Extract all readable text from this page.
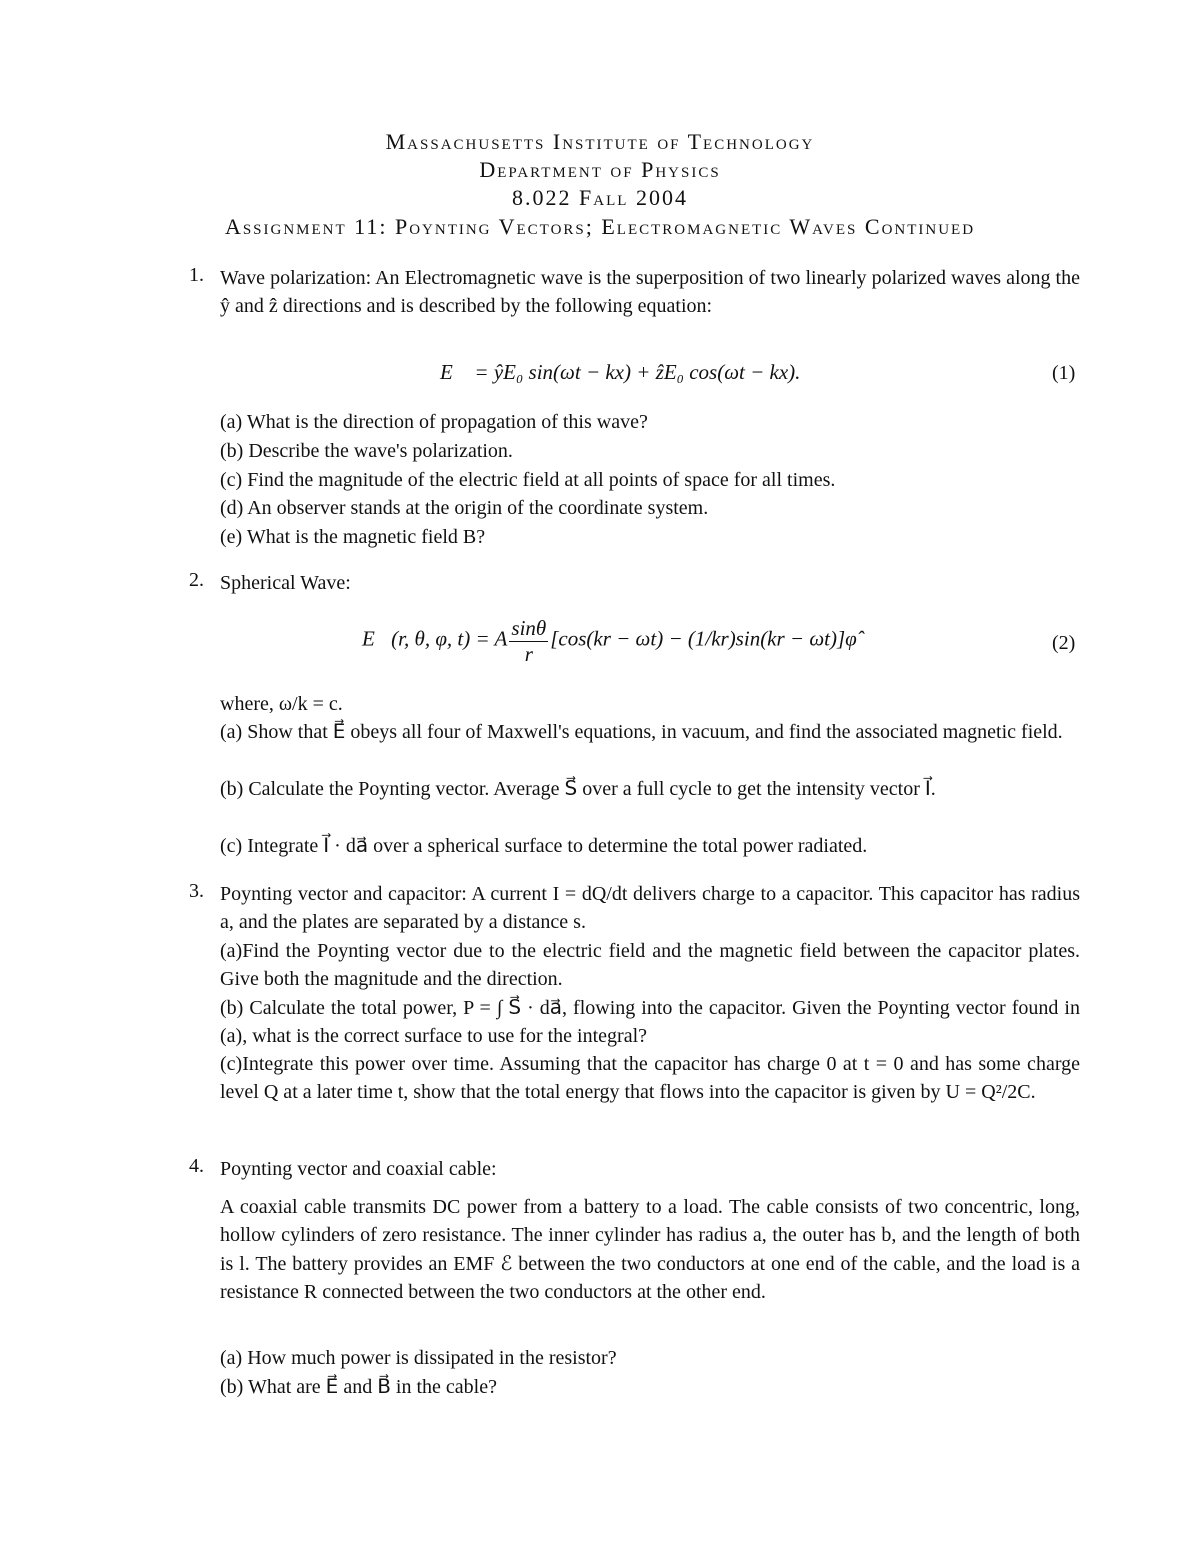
Massachusetts Institute of Technology
Department of Physics
8.022 Fall 2004
Assignment 11: Poynting Vectors; Electromagnetic Waves Continued
1. Wave polarization: An Electromagnetic wave is the superposition of two linearly polarized waves along the ŷ and ẑ directions and is described by the following equation:
E⃗ = ŷE₀ sin(ωt − kx) + ẑE₀ cos(ωt − kx).	(1)
(a) What is the direction of propagation of this wave?
(b) Describe the wave's polarization.
(c) Find the magnitude of the electric field at all points of space for all times.
(d) An observer stands at the origin of the coordinate system.
(e) What is the magnetic field B?
2. Spherical Wave:
E⃗(r, θ, φ, t) = A $\frac{\sin\theta}{r} [\cos(kr - \omega t) - (1/kr)\sin(kr$ − ωt)]φ̂	(2)
where, ω/k = c.
(a) Show that E⃗ obeys all four of Maxwell's equations, in vacuum, and find the associated magnetic field.
(b) Calculate the Poynting vector. Average S⃗ over a full cycle to get the intensity vector I⃗.
(c) Integrate I⃗ · da⃗ over a spherical surface to determine the total power radiated.
3. Poynting vector and capacitor: A current I = dQ/dt delivers charge to a capacitor. This capacitor has radius a, and the plates are separated by a distance s.
(a)Find the Poynting vector due to the electric field and the magnetic field between the capacitor plates. Give both the magnitude and the direction.
(b) Calculate the total power, P = ∫ S⃗ · da⃗, flowing into the capacitor. Given the Poynting vector found in (a), what is the correct surface to use for the integral?
(c)Integrate this power over time. Assuming that the capacitor has charge 0 at t = 0 and has some charge level Q at a later time t, show that the total energy that flows into the capacitor is given by U = Q²/2C.
4. Poynting vector and coaxial cable:
A coaxial cable transmits DC power from a battery to a load. The cable consists of two concentric, long, hollow cylinders of zero resistance. The inner cylinder has radius a, the outer has b, and the length of both is l. The battery provides an EMF ℰ between the two conductors at one end of the cable, and the load is a resistance R connected between the two conductors at the other end.
(a) How much power is dissipated in the resistor?
(b) What are E⃗ and B⃗ in the cable?
